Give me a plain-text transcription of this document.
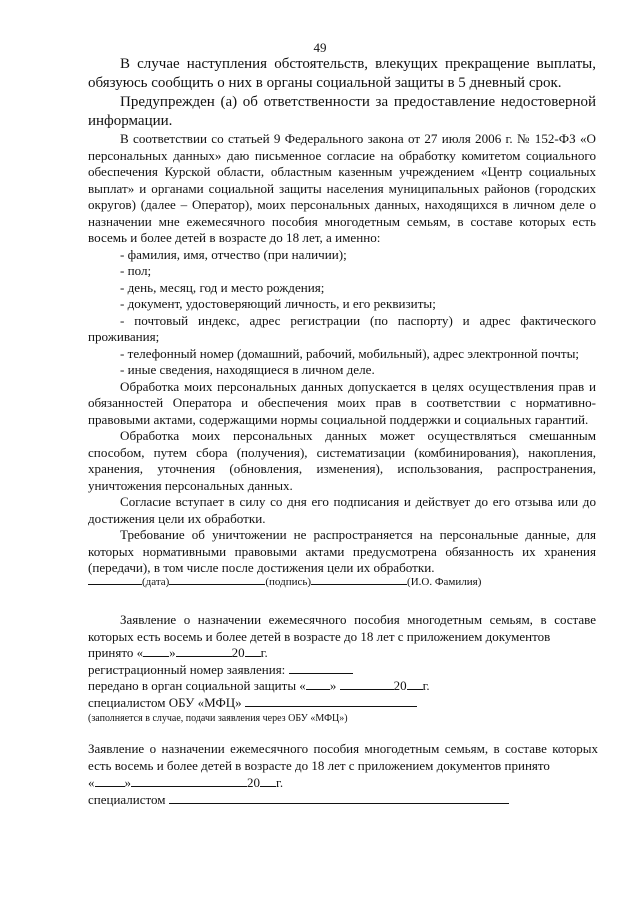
49

В случае наступления обстоятельств, влекущих прекращение выплаты, обязуюсь сообщить о них в органы социальной защиты в 5 дневный срок.

Предупрежден (а) об ответственности за предоставление недостоверной информации.

В соответствии со статьей 9 Федерального закона от 27 июля 2006 г. № 152-ФЗ «О персональных данных» даю письменное согласие на обработку комитетом социального обеспечения Курской области, областным казенным учреждением «Центр социальных выплат» и органами социальной защиты населения муниципальных районов (городских округов) (далее – Оператор), моих персональных данных, находящихся в личном деле о назначении мне ежемесячного пособия многодетным семьям, в составе которых есть восемь и более детей в возрасте до 18 лет, а именно:

- фамилия, имя, отчество (при наличии);

- пол;

- день, месяц, год и место рождения;

- документ, удостоверяющий личность, и его реквизиты;

- почтовый индекс, адрес регистрации (по паспорту) и адрес фактического проживания;

- телефонный номер (домашний, рабочий, мобильный), адрес электронной почты;

- иные сведения, находящиеся в личном деле.

Обработка моих персональных данных допускается в целях осуществления прав и обязанностей Оператора и обеспечения моих прав в соответствии с нормативно-правовыми актами, содержащими нормы социальной поддержки и социальных гарантий.

Обработка моих персональных данных может осуществляться смешанным способом, путем сбора (получения), систематизации (комбинирования), накопления, хранения, уточнения (обновления, изменения), использования, распространения, уничтожения персональных данных.

Согласие вступает в силу со дня его подписания и действует до его отзыва или до достижения цели их обработки.

Требование об уничтожении не распространяется на персональные данные, для которых нормативными правовыми актами предусмотрена обязанность их хранения (передачи), в том числе после достижения цели их обработки.

(дата)	(подпись)	(И.О. Фамилия)
Заявление о назначении ежемесячного пособия многодетным семьям, в составе которых есть восемь и более детей в возрасте до 18 лет с приложением документов
принято « »	20 г.
регистрационный номер заявления:
передано в орган социальной защиты « »	20 г.
специалистом ОБУ «МФЦ»
(заполняется в случае, подачи заявления через ОБУ «МФЦ»)
Заявление о назначении ежемесячного пособия многодетным семьям, в составе которых есть восемь и более детей в возрасте до 18 лет с приложением документов принято
« »	20 г.
специалистом
